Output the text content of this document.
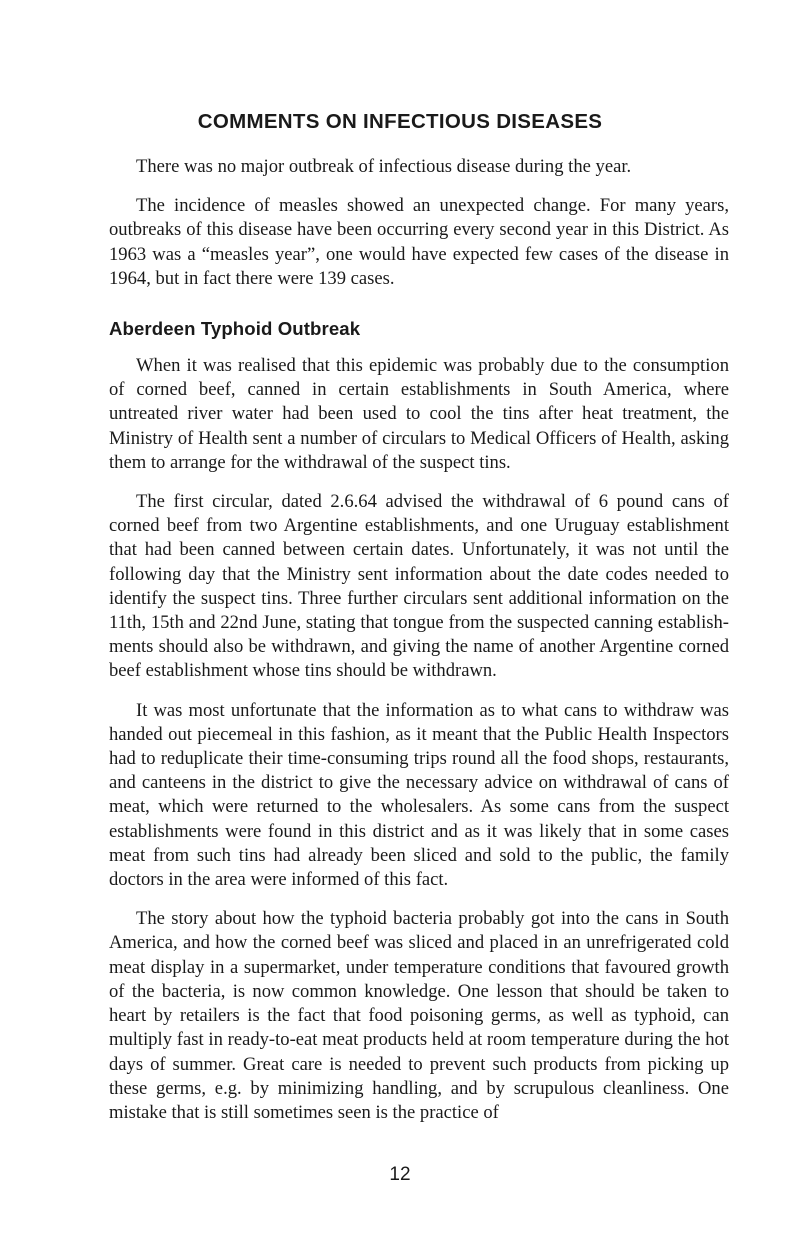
COMMENTS ON INFECTIOUS DISEASES

There was no major outbreak of infectious disease during the year.

The incidence of measles showed an unexpected change. For many years, outbreaks of this disease have been occurring every second year in this District. As 1963 was a “measles year”, one would have expected few cases of the disease in 1964, but in fact there were 139 cases.

Aberdeen Typhoid Outbreak

When it was realised that this epidemic was probably due to the consumption of corned beef, canned in certain establishments in South America, where untreated river water had been used to cool the tins after heat treatment, the Ministry of Health sent a number of circulars to Medical Officers of Health, asking them to arrange for the withdrawal of the suspect tins.

The first circular, dated 2.6.64 advised the withdrawal of 6 pound cans of corned beef from two Argentine establishments, and one Uruguay establishment that had been canned between certain dates. Unfortunately, it was not until the following day that the Ministry sent information about the date codes needed to identify the suspect tins. Three further circulars sent additional information on the 11th, 15th and 22nd June, stating that tongue from the suspected canning establishments should also be withdrawn, and giving the name of another Argentine corned beef establishment whose tins should be withdrawn.

It was most unfortunate that the information as to what cans to withdraw was handed out piecemeal in this fashion, as it meant that the Public Health Inspectors had to reduplicate their time-consuming trips round all the food shops, restaurants, and canteens in the district to give the necessary advice on withdrawal of cans of meat, which were returned to the wholesalers. As some cans from the suspect establishments were found in this district and as it was likely that in some cases meat from such tins had already been sliced and sold to the public, the family doctors in the area were informed of this fact.

The story about how the typhoid bacteria probably got into the cans in South America, and how the corned beef was sliced and placed in an unrefrigerated cold meat display in a supermarket, under temperature conditions that favoured growth of the bacteria, is now common knowledge. One lesson that should be taken to heart by retailers is the fact that food poisoning germs, as well as typhoid, can multiply fast in ready-to-eat meat products held at room temperature during the hot days of summer. Great care is needed to prevent such products from picking up these germs, e.g. by minimizing handling, and by scrupulous cleanliness. One mistake that is still sometimes seen is the practice of

12
